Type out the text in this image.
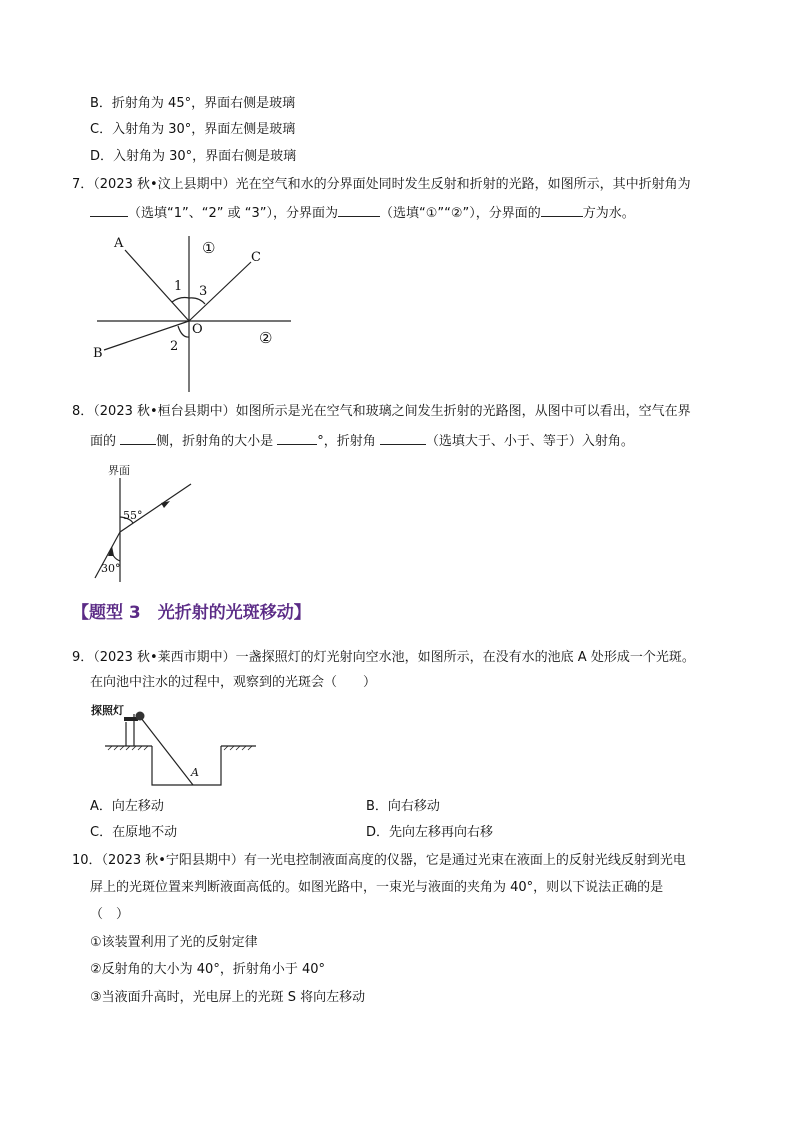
B．折射角为 45°，界面右侧是玻璃
C．入射角为 30°，界面左侧是玻璃
D．入射角为 30°，界面右侧是玻璃
7．（2023 秋•汶上县期中）光在空气和水的分界面处同时发生反射和折射的光路，如图所示，其中折射角为
（选填“1”、“2” 或 “3”），分界面为	（选填“①”“②”），分界面的	方为水。
A
C
B
O
1 3
2
①
②
8．（2023 秋•桓台县期中）如图所示是光在空气和玻璃之间发生折射的光路图，从图中可以看出，空气在界
面的	侧，折射角的大小是	°，折射角	（选填大于、小于、等于）入射角。
界面
55°
30°
【题型 3　光折射的光斑移动】
9．（2023 秋•莱西市期中）一盏探照灯的灯光射向空水池，如图所示，在没有水的池底 A 处形成一个光斑。
在向池中注水的过程中，观察到的光斑会（　　）
探照灯
A
A．向左移动	B．向右移动
C．在原地不动	D．先向左移再向右移
10．（2023 秋•宁阳县期中）有一光电控制液面高度的仪器，它是通过光束在液面上的反射光线反射到光电
屏上的光斑位置来判断液面高低的。如图光路中，一束光与液面的夹角为 40°，则以下说法正确的是
（　）
①该装置利用了光的反射定律
②反射角的大小为 40°，折射角小于 40°
③当液面升高时，光电屏上的光斑 S 将向左移动
